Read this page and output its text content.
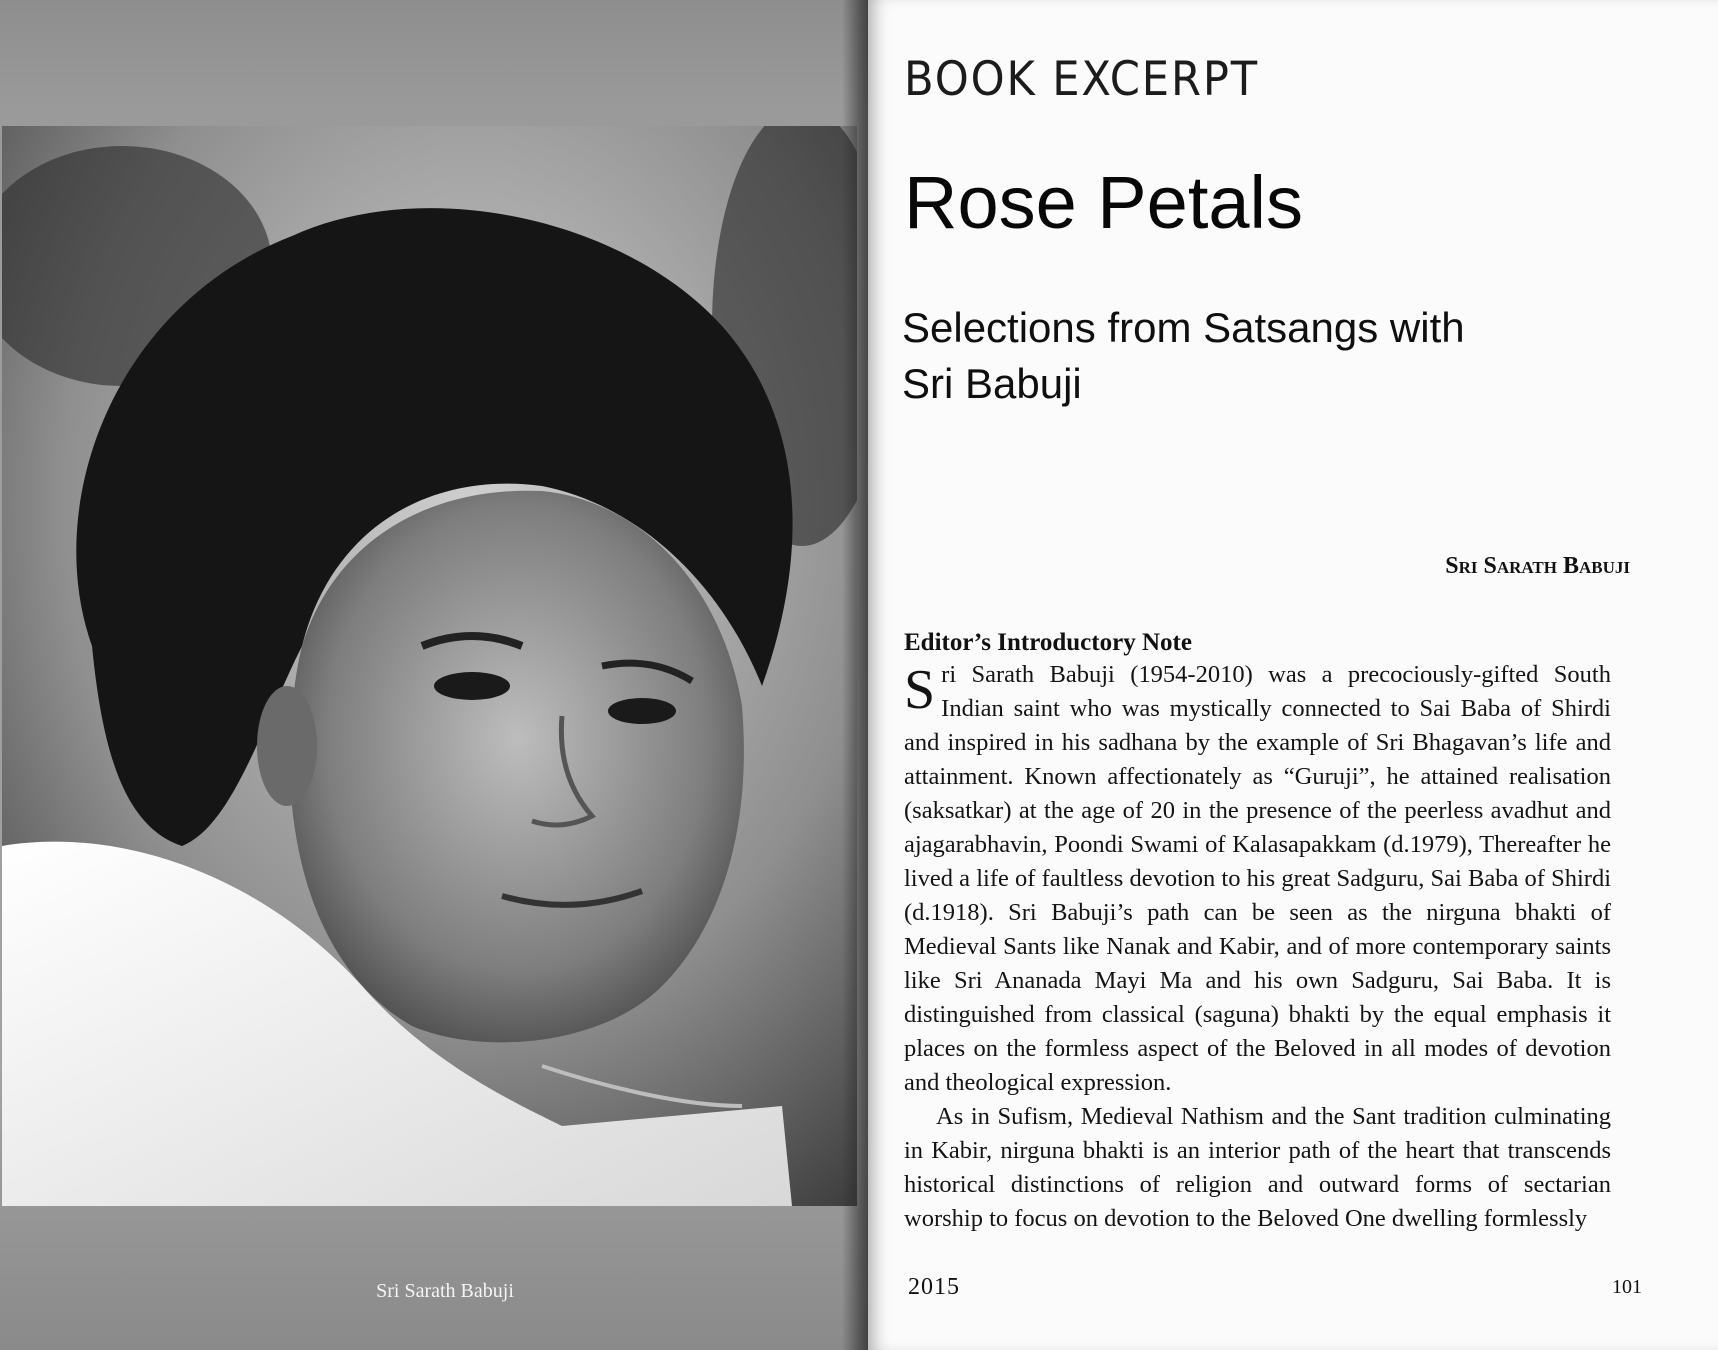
Sri Sarath Babuji
BOOK EXCERPT
Rose Petals
Selections from Satsangs with
Sri Babuji
Sri Sarath Babuji
Editor’s Introductory Note

Sri Sarath Babuji (1954-2010) was a precociously-gifted South Indian saint who was mystically connected to Sai Baba of Shirdi and inspired in his sadhana by the example of Sri Bhagavan’s life and attainment. Known affectionately as “Guruji”, he attained realisation (saksatkar) at the age of 20 in the presence of the peerless avadhut and ajagarabhavin, Poondi Swami of Kalasapakkam (d.1979), Thereafter he lived a life of faultless devotion to his great Sadguru, Sai Baba of Shirdi (d.1918). Sri Babuji’s path can be seen as the nirguna bhakti of Medieval Sants like Nanak and Kabir, and of more contemporary saints like Sri Ananada Mayi Ma and his own Sadguru, Sai Baba. It is distinguished from classical (saguna) bhakti by the equal emphasis it places on the formless aspect of the Beloved in all modes of devotion and theological expression.

As in Sufism, Medieval Nathism and the Sant tradition culminating in Kabir, nirguna bhakti is an interior path of the heart that transcends historical distinctions of religion and outward forms of sectarian worship to focus on devotion to the Beloved One dwelling formlessly

2015	101
